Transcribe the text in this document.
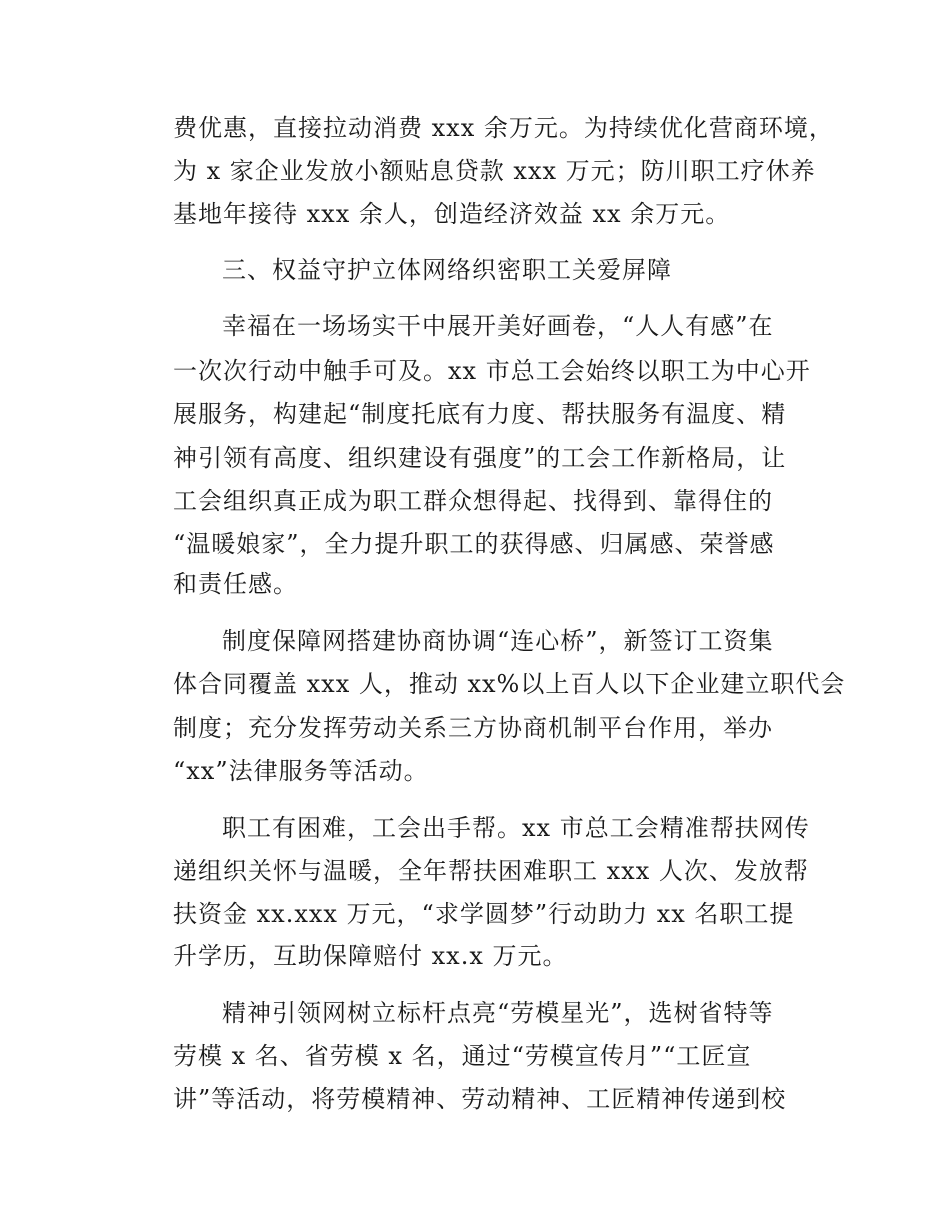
费优惠，直接拉动消费 xxx 余万元。为持续优化营商环境，
为 x 家企业发放小额贴息贷款 xxx 万元；防川职工疗休养
基地年接待 xxx 余人，创造经济效益 xx 余万元。
三、权益守护立体网络织密职工关爱屏障
幸福在一场场实干中展开美好画卷，“人人有感”在
一次次行动中触手可及。xx 市总工会始终以职工为中心开
展服务，构建起“制度托底有力度、帮扶服务有温度、精
神引领有高度、组织建设有强度”的工会工作新格局，让
工会组织真正成为职工群众想得起、找得到、靠得住的
“温暖娘家”，全力提升职工的获得感、归属感、荣誉感
和责任感。
制度保障网搭建协商协调“连心桥”，新签订工资集
体合同覆盖 xxx 人，推动 xx%以上百人以下企业建立职代会
制度；充分发挥劳动关系三方协商机制平台作用，举办
“xx”法律服务等活动。
职工有困难，工会出手帮。xx 市总工会精准帮扶网传
递组织关怀与温暖，全年帮扶困难职工 xxx 人次、发放帮
扶资金 xx.xxx 万元，“求学圆梦”行动助力 xx 名职工提
升学历，互助保障赔付 xx.x 万元。
精神引领网树立标杆点亮“劳模星光”，选树省特等
劳模 x 名、省劳模 x 名，通过“劳模宣传月”“工匠宣
讲”等活动，将劳模精神、劳动精神、工匠精神传递到校
